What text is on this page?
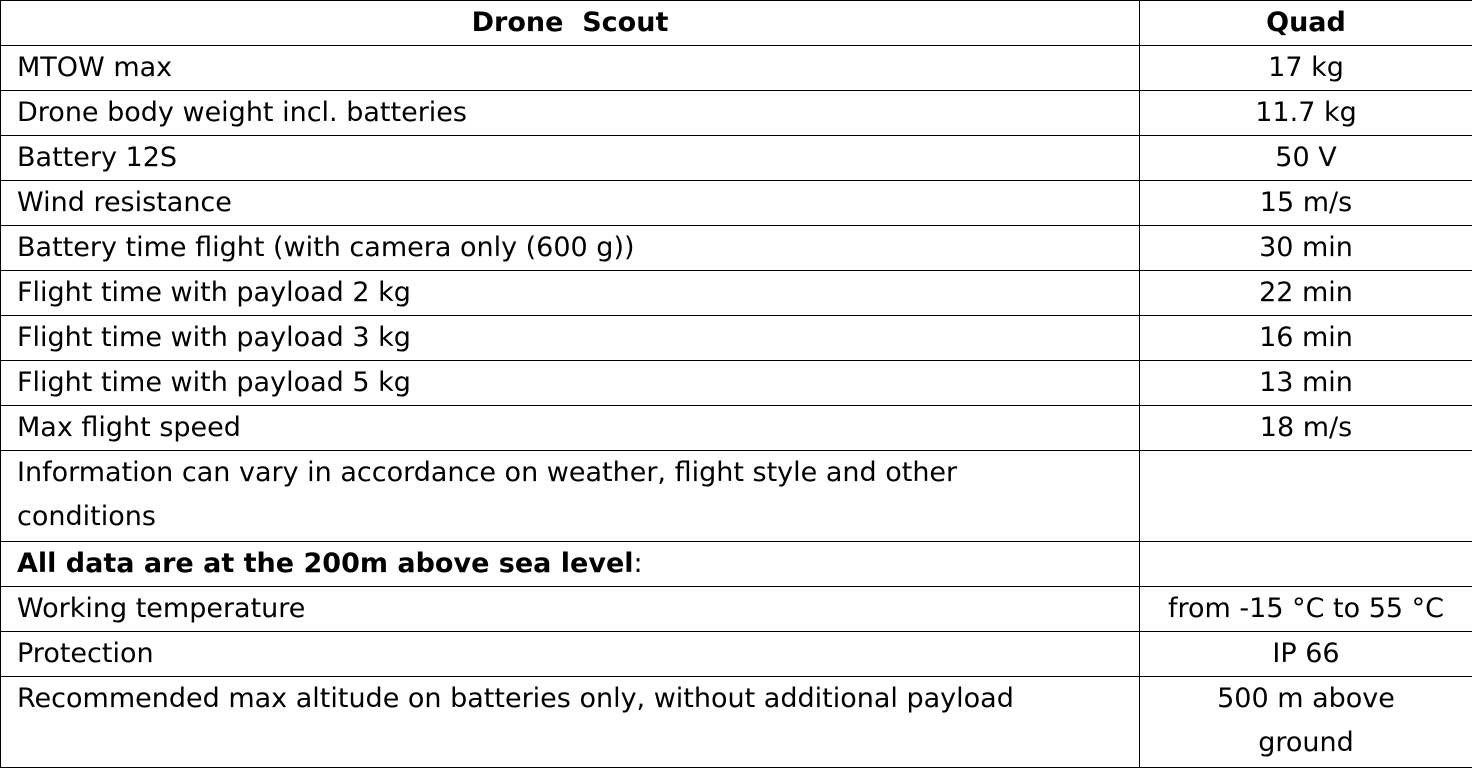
Drone  Scout	Quad
MTOW max	17 kg
Drone body weight incl. batteries	11.7 kg
Battery 12S	50 V
Wind resistance	15 m/s
Battery time flight (with camera only (600 g))	30 min
Flight time with payload 2 kg	22 min
Flight time with payload 3 kg	16 min
Flight time with payload 5 kg	13 min
Max flight speed	18 m/s
Information can vary in accordance on weather, flight style and other conditions	
All data are at the 200m above sea level:	
Working temperature	from -15 °C to 55 °C
Protection	IP 66
Recommended max altitude on batteries only, without additional payload	500 m above ground
